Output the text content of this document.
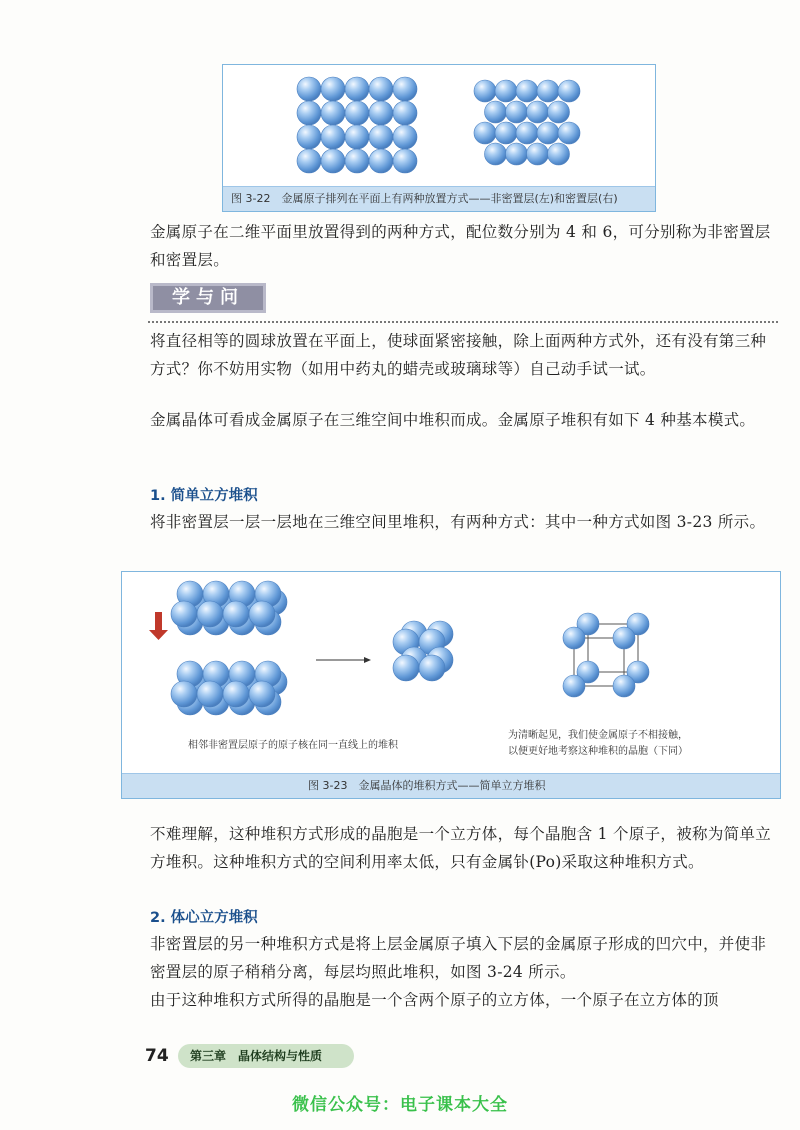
图 3-22　金属原子排列在平面上有两种放置方式——非密置层(左)和密置层(右)
金属原子在二维平面里放置得到的两种方式，配位数分别为 4 和 6，可分别称为非密置层和密置层。
学与问
将直径相等的圆球放置在平面上，使球面紧密接触，除上面两种方式外，还有没有第三种方式？你不妨用实物（如用中药丸的蜡壳或玻璃球等）自己动手试一试。
金属晶体可看成金属原子在三维空间中堆积而成。金属原子堆积有如下 4 种基本模式。
1. 简单立方堆积
将非密置层一层一层地在三维空间里堆积，有两种方式：其中一种方式如图 3-23 所示。
相邻非密置层原子的原子核在同一直线上的堆积
为清晰起见，我们使金属原子不相接触，
以便更好地考察这种堆积的晶胞（下同）
图 3-23　金属晶体的堆积方式——简单立方堆积
不难理解，这种堆积方式形成的晶胞是一个立方体，每个晶胞含 1 个原子，被称为简单立方堆积。这种堆积方式的空间利用率太低，只有金属钋(Po)采取这种堆积方式。
2. 体心立方堆积
非密置层的另一种堆积方式是将上层金属原子填入下层的金属原子形成的凹穴中，并使非密置层的原子稍稍分离，每层均照此堆积，如图 3-24 所示。
由于这种堆积方式所得的晶胞是一个含两个原子的立方体，一个原子在立方体的顶
74	第三章　晶体结构与性质
微信公众号：电子课本大全
